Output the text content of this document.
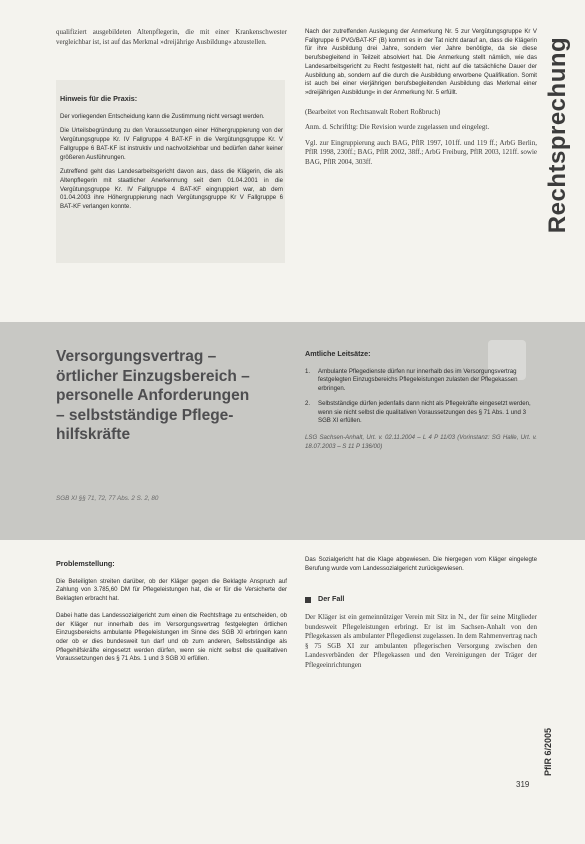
Rechtsprechung

qualifiziert ausgebildeten Altenpflegerin, die mit einer Krankenschwester vergleichbar ist, ist auf das Merkmal »dreijährige Ausbildung« abzustellen.

Hinweis für die Praxis:

Der vorliegenden Entscheidung kann die Zustimmung nicht versagt werden.

Die Urteilsbegründung zu den Voraussetzungen einer Höhergruppierung von der Vergütungsgruppe Kr. IV Fallgruppe 4 BAT-KF in die Vergütungsgruppe Kr. V Fallgruppe 6 BAT-KF ist instruktiv und nachvollziehbar und bedürfen daher keiner größeren Ausführungen.

Zutreffend geht das Landesarbeitsgericht davon aus, dass die Klägerin, die als Altenpflegerin mit staatlicher Anerkennung seit dem 01.04.2001 in die Vergütungsgruppe Kr. IV Fallgruppe 4 BAT-KF eingruppiert war, ab dem 01.04.2003 ihre Höhergruppierung nach Vergütungsgruppe Kr V Fallgruppe 6 BAT-KF verlangen konnte.

Nach der zutreffenden Auslegung der Anmerkung Nr. 5 zur Vergütungsgruppe Kr V Fallgruppe 6 PVG/BAT-KF (B) kommt es in der Tat nicht darauf an, dass die Klägerin für ihre Ausbildung drei Jahre, sondern vier Jahre benötigte, da sie diese berufsbegleitend in Teilzeit absolviert hat. Die Anmerkung stellt nämlich, wie das Landesarbeitsgericht zu Recht festgestellt hat, nicht auf die tatsächliche Dauer der Ausbildung ab, sondern auf die durch die Ausbildung erworbene Qualifikation. Somit ist auch bei einer vierjährigen berufsbegleitenden Ausbildung das Merkmal einer »dreijährigen Ausbildung« in der Anmerkung Nr. 5 erfüllt.

(Bearbeitet von Rechtsanwalt Robert Roßbruch)

Anm. d. Schriftltg: Die Revision wurde zugelassen und eingelegt.

Vgl. zur Eingruppierung auch BAG, PflR 1997, 101ff. und 119 ff.; ArbG Berlin, PflR 1998, 230ff.; BAG, PflR 2002, 38ff.; ArbG Freiburg, PflR 2003, 121ff. sowie BAG, PflR 2004, 303ff.

Versorgungsvertrag –
örtlicher Einzugsbereich –
personelle Anforderungen
– selbstständige Pflege-
hilfskräfte
SGB XI §§ 71, 72, 77 Abs. 2 S. 2, 80
Amtliche Leitsätze:
1.	Ambulante Pflegedienste dürfen nur innerhalb des im Versorgungsvertrag festgelegten Einzugsbereichs Pflegeleistungen zulasten der Pflegekassen erbringen.
2.	Selbstständige dürfen jedenfalls dann nicht als Pflegekräfte eingesetzt werden, wenn sie nicht selbst die qualitativen Voraussetzungen des § 71 Abs. 1 und 3 SGB XI erfüllen.

LSG Sachsen-Anhalt, Urt. v. 02.11.2004 – L 4 P 11/03 (Vorinstanz: SG Halle, Urt. v. 18.07.2003 – S 11 P 136/00)

Problemstellung:

Die Beteiligten streiten darüber, ob der Kläger gegen die Beklagte Anspruch auf Zahlung von 3.785,60 DM für Pflegeleistungen hat, die er für die Versicherte der Beklagten erbracht hat.

Dabei hatte das Landessozialgericht zum einen die Rechtsfrage zu entscheiden, ob der Kläger nur innerhalb des im Versorgungsvertrag festgelegten örtlichen Einzugsbereichs ambulante Pflegeleistungen im Sinne des SGB XI erbringen kann oder ob er dies bundesweit tun darf und ob zum anderen, Selbstständige als Pflegehilfskräfte eingesetzt werden dürfen, wenn sie nicht selbst die qualitativen Voraussetzungen des § 71 Abs. 1 und 3 SGB XI erfüllen.

Das Sozialgericht hat die Klage abgewiesen. Die hiergegen vom Kläger eingelegte Berufung wurde vom Landessozialgericht zurückgewiesen.

Der Fall

Der Kläger ist ein gemeinnütziger Verein mit Sitz in N., der für seine Mitglieder bundesweit Pflegeleistungen erbringt. Er ist im Sachsen-Anhalt von den Pflegekassen als ambulanter Pflegedienst zugelassen. In dem Rahmenvertrag nach § 75 SGB XI zur ambulanten pflegerischen Versorgung zwischen den Landesverbänden der Pflegekassen und den Vereinigungen der Träger der Pflegeeinrichtungen

319
PflR 6/2005
